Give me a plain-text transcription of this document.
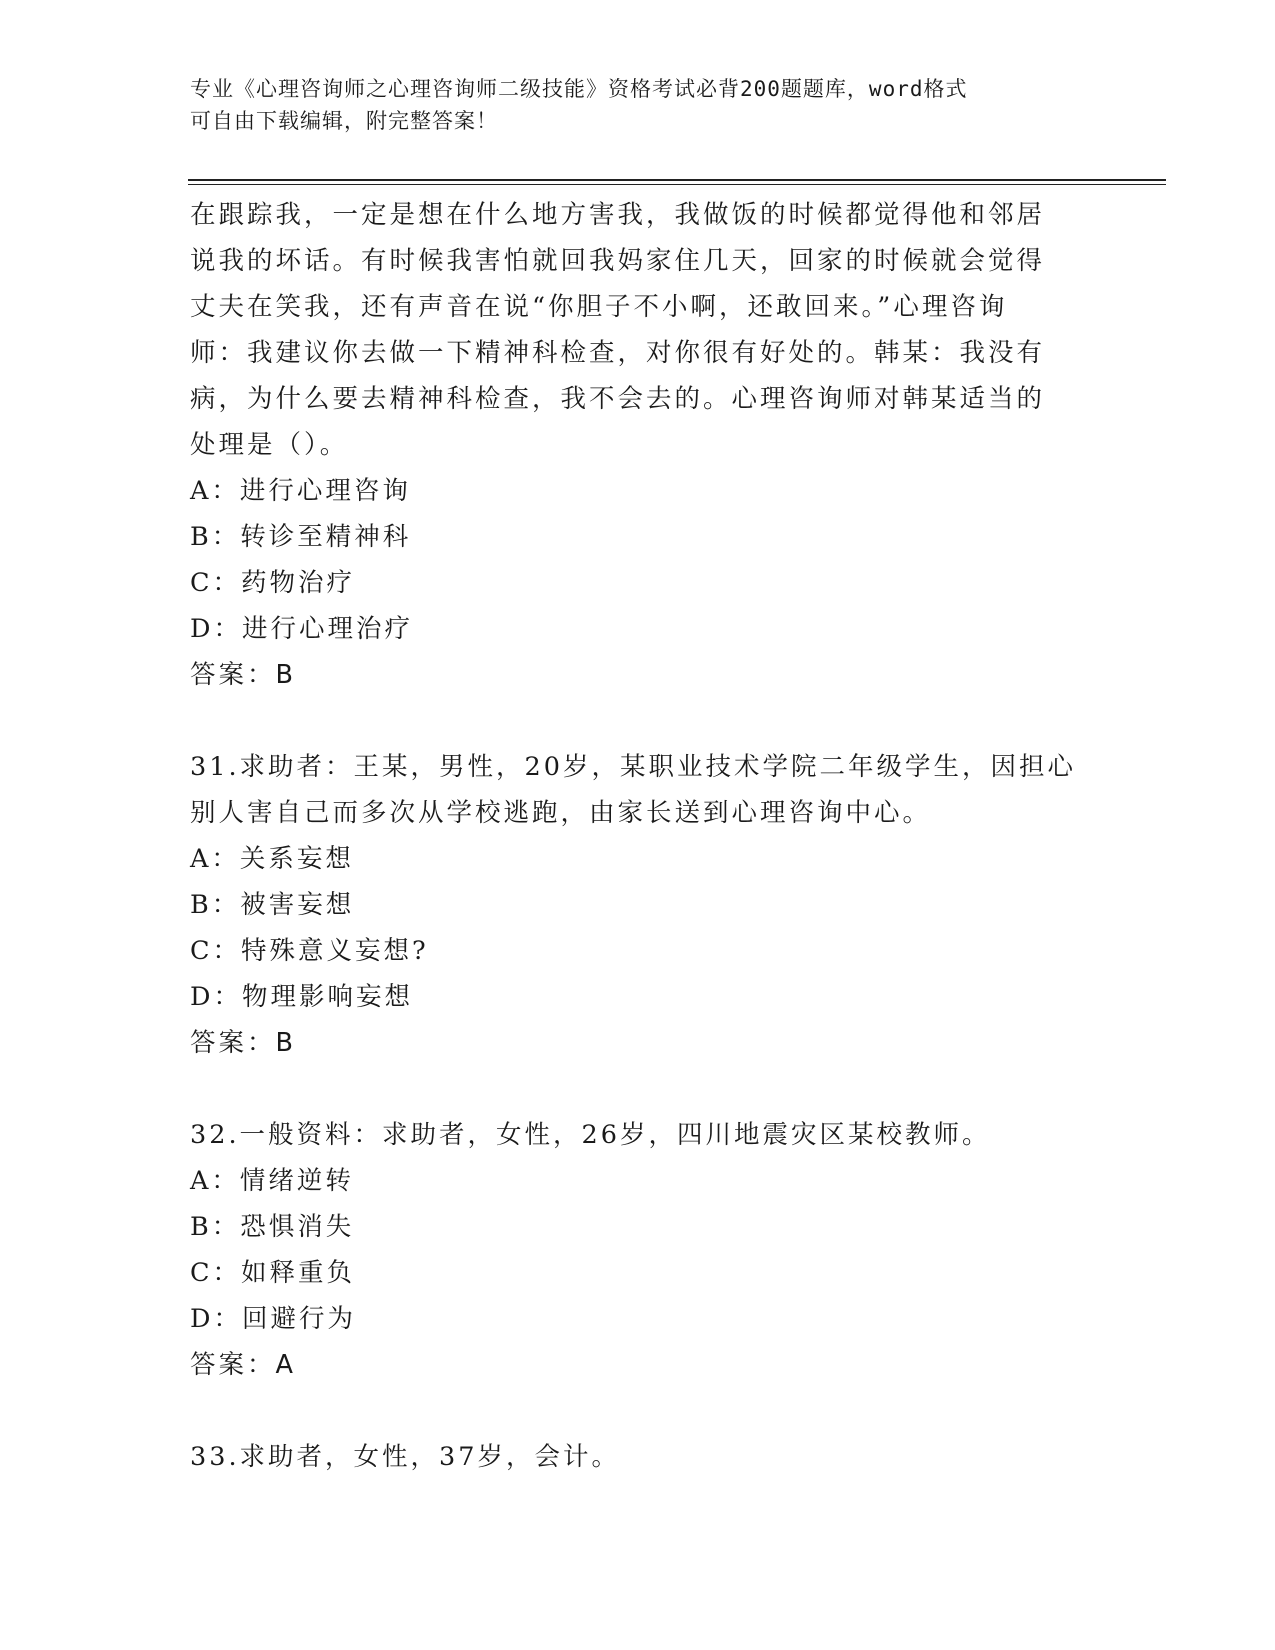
专业《心理咨询师之心理咨询师二级技能》资格考试必背200题题库，word格式
可自由下载编辑，附完整答案！
在跟踪我，一定是想在什么地方害我，我做饭的时候都觉得他和邻居
说我的坏话。有时候我害怕就回我妈家住几天，回家的时候就会觉得
丈夫在笑我，还有声音在说“你胆子不小啊，还敢回来。”心理咨询
师：我建议你去做一下精神科检查，对你很有好处的。韩某：我没有
病，为什么要去精神科检查，我不会去的。心理咨询师对韩某适当的
处理是（）。
A：进行心理咨询
B：转诊至精神科
C：药物治疗
D：进行心理治疗
答案：B
31.求助者：王某，男性，20岁，某职业技术学院二年级学生，因担心
别人害自己而多次从学校逃跑，由家长送到心理咨询中心。
A：关系妄想
B：被害妄想
C：特殊意义妄想?
D：物理影响妄想
答案：B
32.一般资料：求助者，女性，26岁，四川地震灾区某校教师。
A：情绪逆转
B：恐惧消失
C：如释重负
D：回避行为
答案：A
33.求助者，女性，37岁，会计。
